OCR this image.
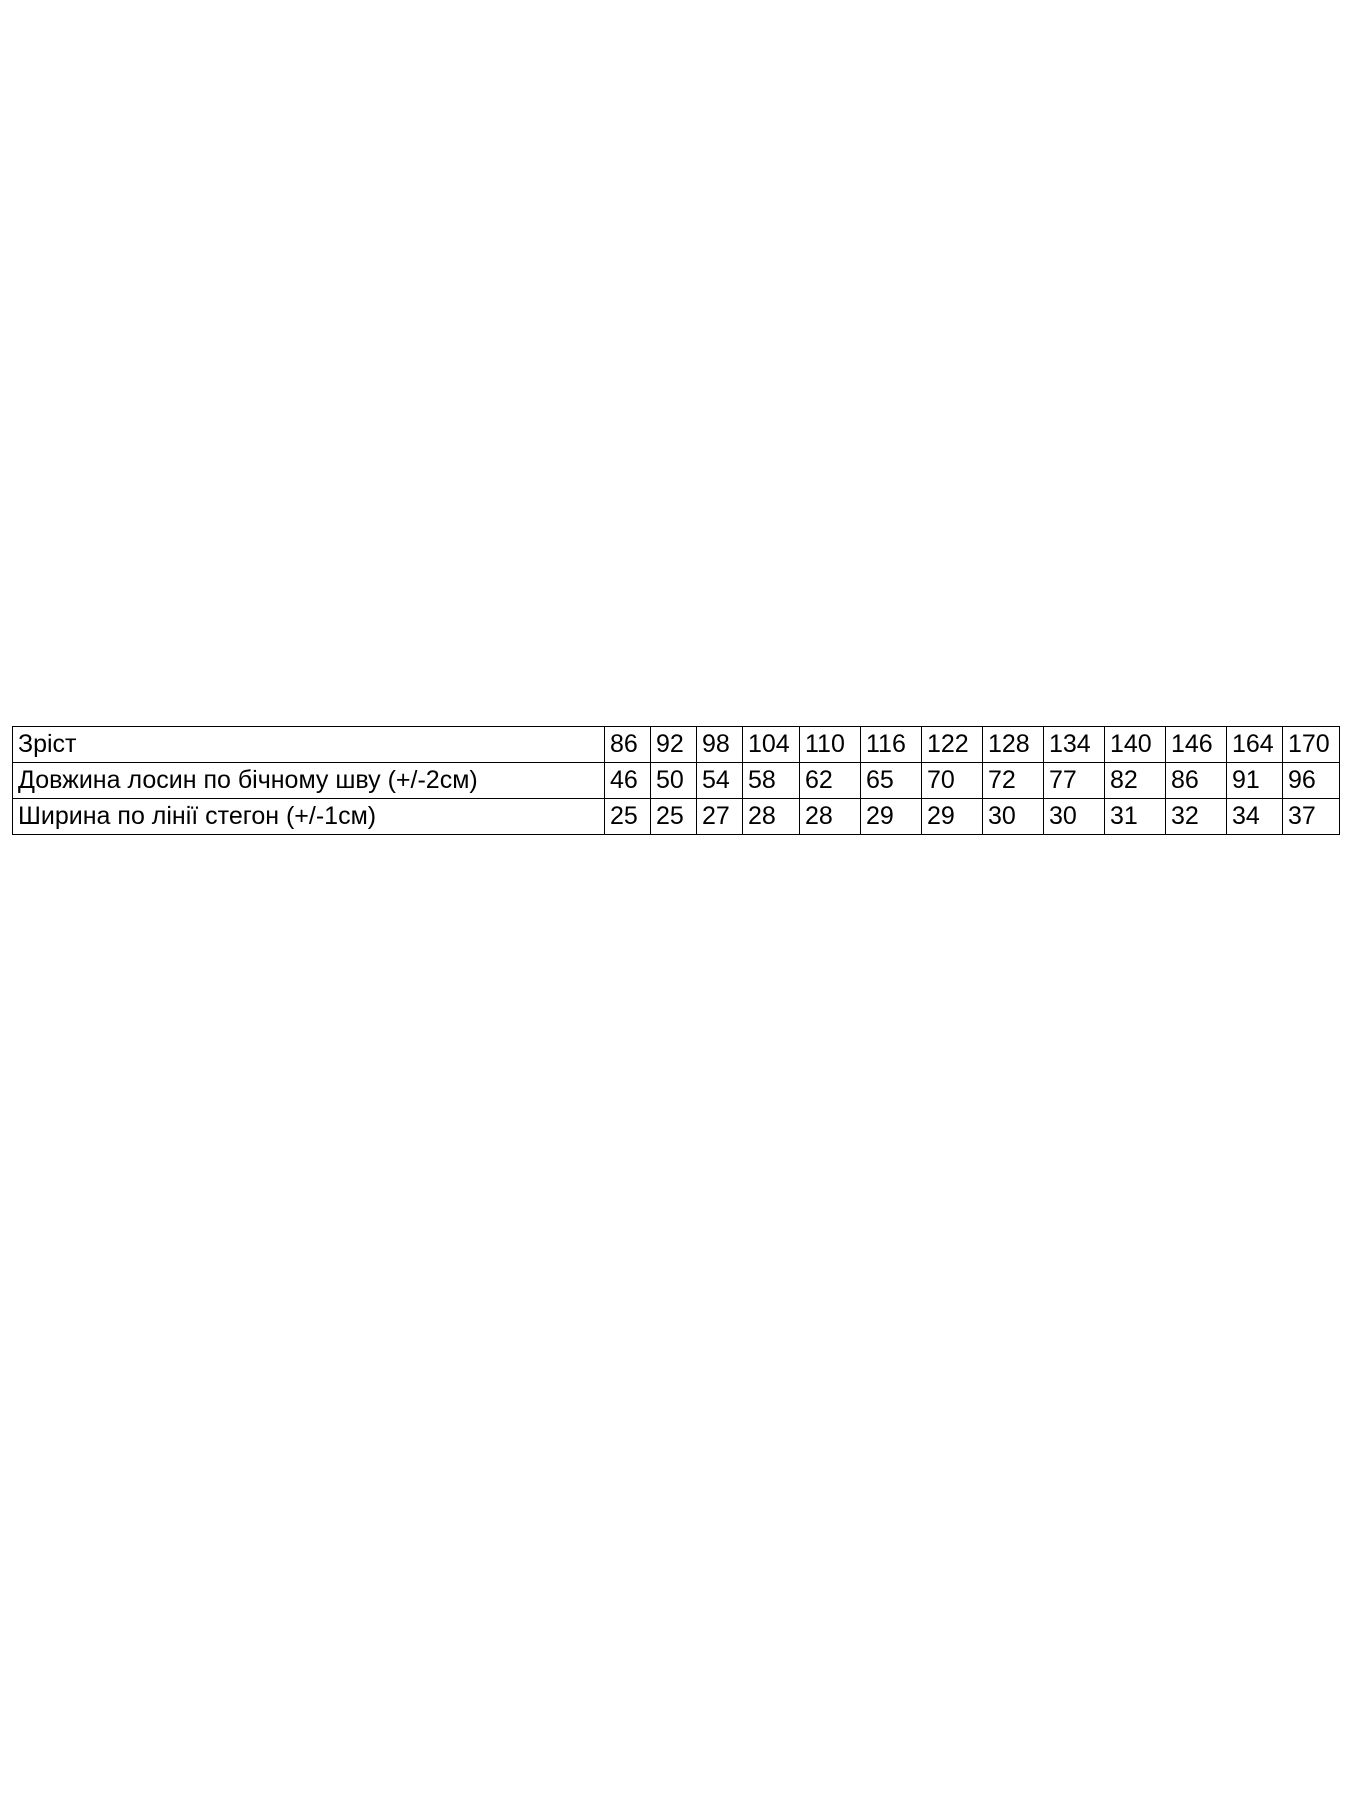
Зріст	86	92	98	104	110	116	122	128	134	140	146	164	170
Довжина лосин по бічному шву (+/-2см)	46	50	54	58	62	65	70	72	77	82	86	91	96
Ширина по лінії стегон (+/-1см)	25	25	27	28	28	29	29	30	30	31	32	34	37
